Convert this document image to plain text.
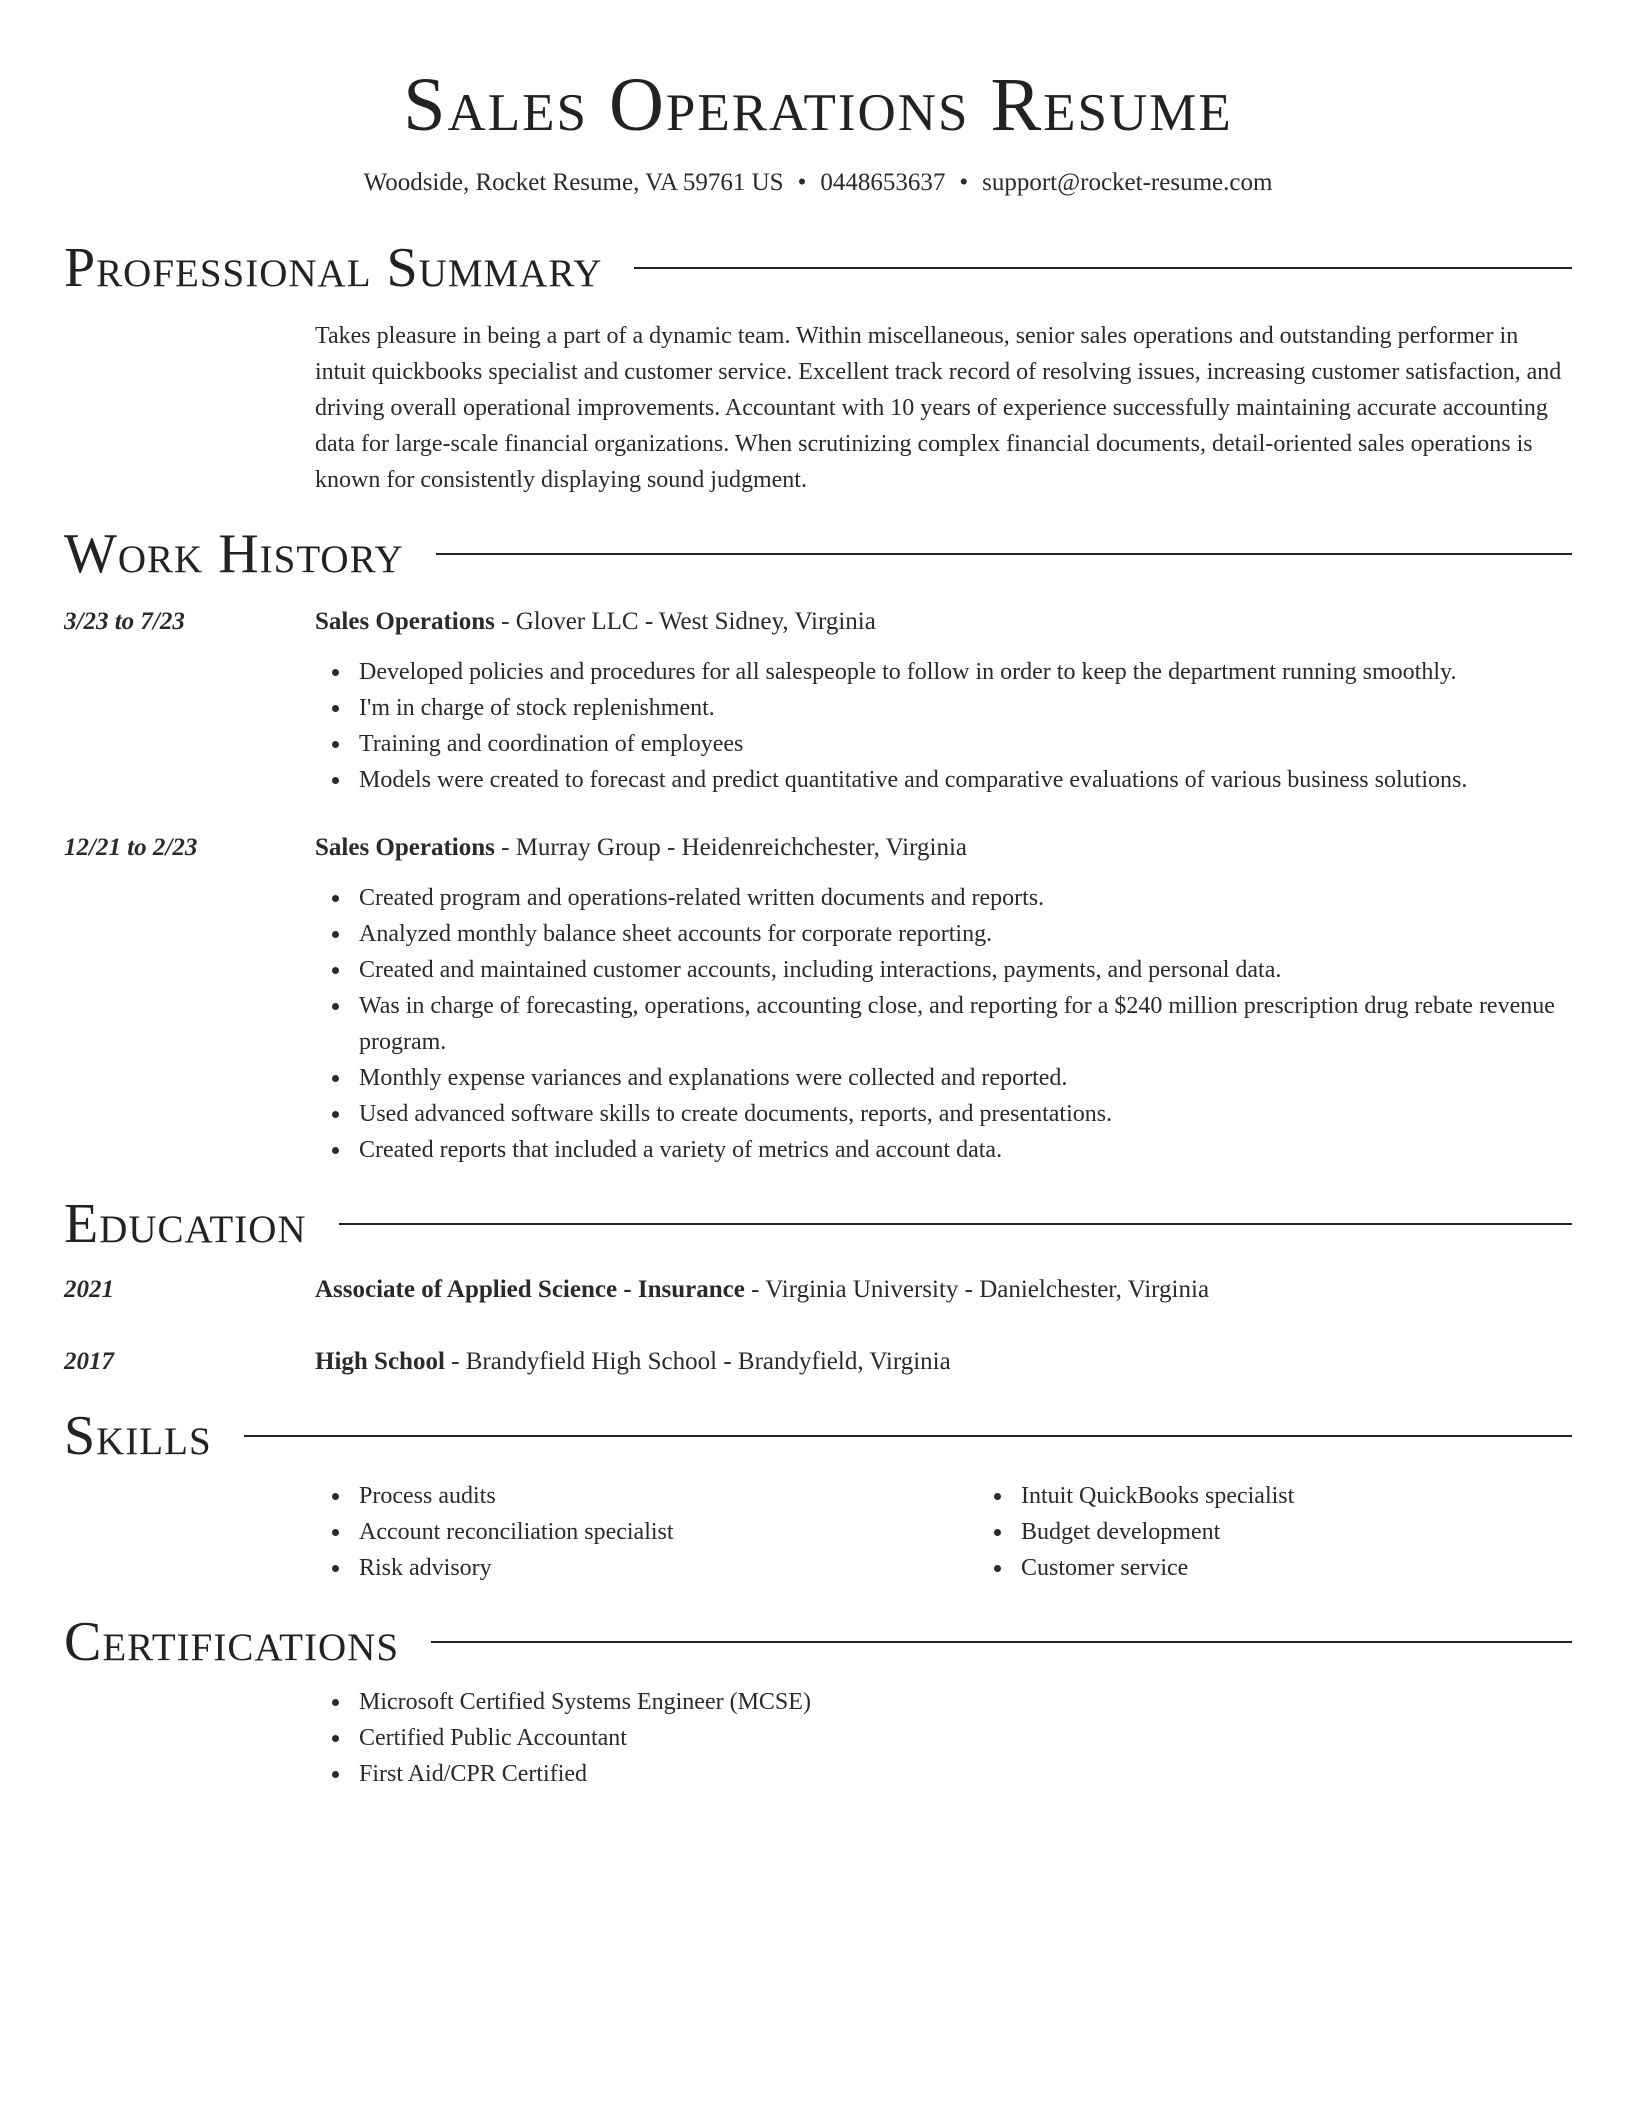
Sales Operations Resume
Woodside, Rocket Resume, VA 59761 US • 0448653637 • support@rocket-resume.com
Professional Summary

Takes pleasure in being a part of a dynamic team. Within miscellaneous, senior sales operations and outstanding performer in intuit quickbooks specialist and customer service. Excellent track record of resolving issues, increasing customer satisfaction, and driving overall operational improvements. Accountant with 10 years of experience successfully maintaining accurate accounting data for large-scale financial organizations. When scrutinizing complex financial documents, detail-oriented sales operations is known for consistently displaying sound judgment.

Work History
3/23 to 7/23	Sales Operations - Glover LLC - West Sidney, Virginia
Developed policies and procedures for all salespeople to follow in order to keep the department running smoothly.
I'm in charge of stock replenishment.
Training and coordination of employees
Models were created to forecast and predict quantitative and comparative evaluations of various business solutions.
12/21 to 2/23	Sales Operations - Murray Group - Heidenreichchester, Virginia
Created program and operations-related written documents and reports.
Analyzed monthly balance sheet accounts for corporate reporting.
Created and maintained customer accounts, including interactions, payments, and personal data.
Was in charge of forecasting, operations, accounting close, and reporting for a $240 million prescription drug rebate revenue program.
Monthly expense variances and explanations were collected and reported.
Used advanced software skills to create documents, reports, and presentations.
Created reports that included a variety of metrics and account data.
Education
2021	Associate of Applied Science - Insurance - Virginia University - Danielchester, Virginia
2017	High School - Brandyfield High School - Brandyfield, Virginia
Skills
Process audits
Account reconciliation specialist
Risk advisory
Intuit QuickBooks specialist
Budget development
Customer service
Certifications
Microsoft Certified Systems Engineer (MCSE)
Certified Public Accountant
First Aid/CPR Certified
